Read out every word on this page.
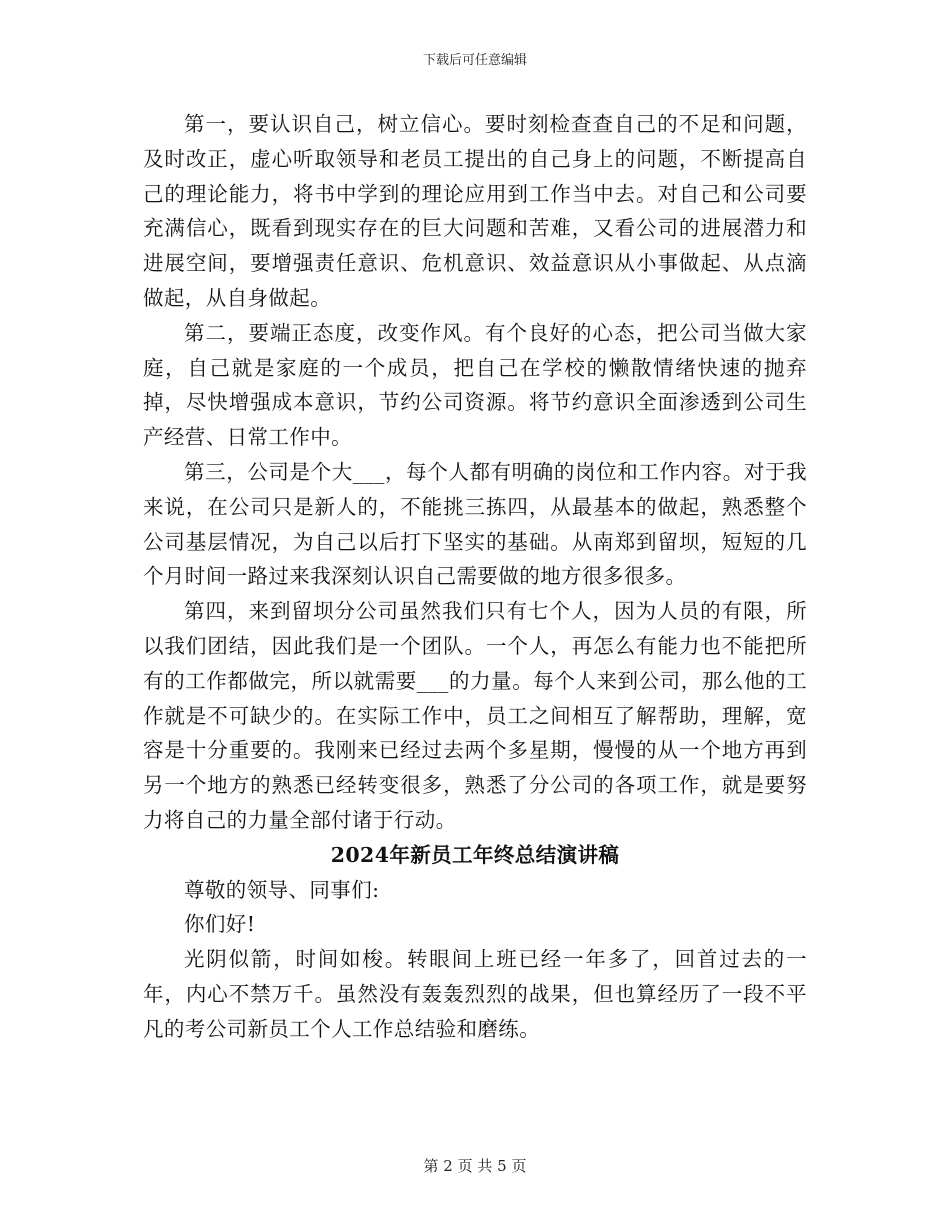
下载后可任意编辑

第一，要认识自己，树立信心。要时刻检查查自己的不足和问题，及时改正，虚心听取领导和老员工提出的自己身上的问题，不断提高自己的理论能力，将书中学到的理论应用到工作当中去。对自己和公司要充满信心，既看到现实存在的巨大问题和苦难，又看公司的进展潜力和进展空间，要增强责任意识、危机意识、效益意识从小事做起、从点滴做起，从自身做起。

第二，要端正态度，改变作风。有个良好的心态，把公司当做大家庭，自己就是家庭的一个成员，把自己在学校的懒散情绪快速的抛弃掉，尽快增强成本意识，节约公司资源。将节约意识全面渗透到公司生产经营、日常工作中。

第三，公司是个大___，每个人都有明确的岗位和工作内容。对于我来说，在公司只是新人的，不能挑三拣四，从最基本的做起，熟悉整个公司基层情况，为自己以后打下坚实的基础。从南郑到留坝，短短的几个月时间一路过来我深刻认识自己需要做的地方很多很多。

第四，来到留坝分公司虽然我们只有七个人，因为人员的有限，所以我们团结，因此我们是一个团队。一个人，再怎么有能力也不能把所有的工作都做完，所以就需要___的力量。每个人来到公司，那么他的工作就是不可缺少的。在实际工作中，员工之间相互了解帮助，理解，宽容是十分重要的。我刚来已经过去两个多星期，慢慢的从一个地方再到另一个地方的熟悉已经转变很多，熟悉了分公司的各项工作，就是要努力将自己的力量全部付诸于行动。

2024年新员工年终总结演讲稿

尊敬的领导、同事们:

你们好!

光阴似箭，时间如梭。转眼间上班已经一年多了，回首过去的一年，内心不禁万千。虽然没有轰轰烈烈的战果，但也算经历了一段不平凡的考公司新员工个人工作总结验和磨练。

第 2 页 共 5 页
